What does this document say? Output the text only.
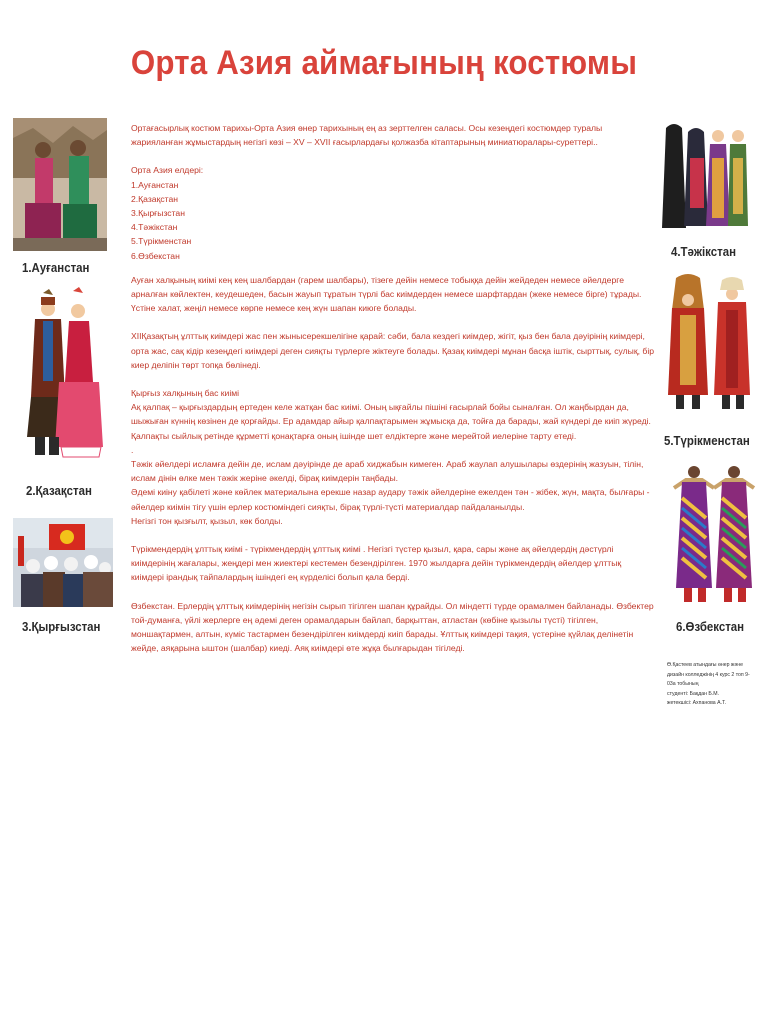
Орта Азия аймағының костюмы
1.Ауғанстан
2.Қазақстан
3.Қырғызстан

Ортағасырлық костюм тарихы-Орта Азия өнер тарихының ең аз зерттелген саласы. Осы кезеңдегі костюмдер туралы жарияланған жұмыстардың негізгі көзі – XV – XVII ғасырлардағы қолжазба кітаптарының миниатюралары-суреттері..

Орта Азия елдері:
1.Ауғанстан
2.Қазақстан
3.Қырғызстан
4.Тәжікстан
5.Түрікменстан
6.Өзбекстан

Ауған халқының киімі кең кең шалбардан (гарем шалбары), тізеге дейін немесе тобыққа дейін жейдеден немесе әйелдерге арналған көйлектен, кеудешеден, басын жауып тұратын түрлі бас киімдерден немесе шарфтардан (жеке немесе бірге) тұрады. Үстіне халат, жеңіл немесе көрпе немесе кең жүн шапан киюге болады.

XIIҚазақтың ұлттық киімдері жас пен жынысерекшелігіне қарай: сәби, бала кездегі киімдер, жігіт, қыз бен бала дәуірінің киімдері, орта жас, сақ кідір кезеңдегі киімдері деген сияқты түрлерге жіктеуге болады. Қазақ киімдері мұнан басқа іштік, сырттық, сулық, бір киер деліпін төрт топқа бөлінеді.

Қырғыз халқының бас киімі

Ақ қалпақ – қырғыздардың ертеден келе жатқан бас киімі. Оның ықғайлы пішіні ғасырлай бойы сыналған. Ол жаңбырдан да, шыжыған күннің көзінен де қорғайды. Ер адамдар айыр қалпақтарымен жұмысқа да, тойға да барады, жай күндері де киіп жүреді. Қалпақты сыйлық ретінде құрметті қонақтарға оның ішінде шет елдіктерге және мерейтой иелеріне тарту етеді.

.
Тәжік әйелдері исламға дейін де, ислам дәуірінде де араб хиджабын кимеген. Араб жаулап алушылары өздерінің жазуын, тілін, ислам дінін өлке мен тәжік жеріне әкелді, бірақ киімдерін таңбады.
Әдемі киіну қабілеті және көйлек материалына ерекше назар аудару тәжік әйелдеріне ежелден тән - жібек, жүн, мақта, былғары - әйелдер киімін тігу үшін ерлер костюміндегі сияқты, бірақ түрлі-түсті материалдар пайдаланылды.

Негізгі тон қызғылт, қызыл, көк болды.

Түрікмендердің ұлттық киімі - түрікмендердің ұлттық киімі . Негізгі түстер қызыл, қара, сары және ақ әйелдердің дәстүрлі киімдерінің жағалары, жеңдері мен жиектері кестемен безендірілген. 1970 жылдарға дейін түрікмендердің әйелдер ұлттық киімдері ірандық тайпалардың ішіндегі ең күрделісі болып қала берді.

Өзбекстан. Ерлердің ұлттық киімдерінің негізін сырып тігілген шапан құрайды. Ол міндетті түрде орамалмен байланады. Өзбектер той-думанға, үйлі жерлерге ең әдемі деген орамалдарын байлап, барқыттан, атластан (көбіне қызылы түсті) тігілген, моншақтармен, алтын, күміс тастармен безендірілген киімдерді киіп барады. Ұлттық киімдері тақия, үстеріне қүйлақ делінетін жейде, аяқарына ыштон (шалбар) киеді. Аяқ киімдері өте жұқа былғарыдан тігіледі.

4.Тәжікстан
5.Түрікменстан
6.Өзбекстан
Ө.Қастеев атындағы өнер және
дизайн колледжінің 4 курс 2 топ 9-
03а тобының
студенті: Бақдан Б.М.
жетекшісі: Ахпанова А.Т.
